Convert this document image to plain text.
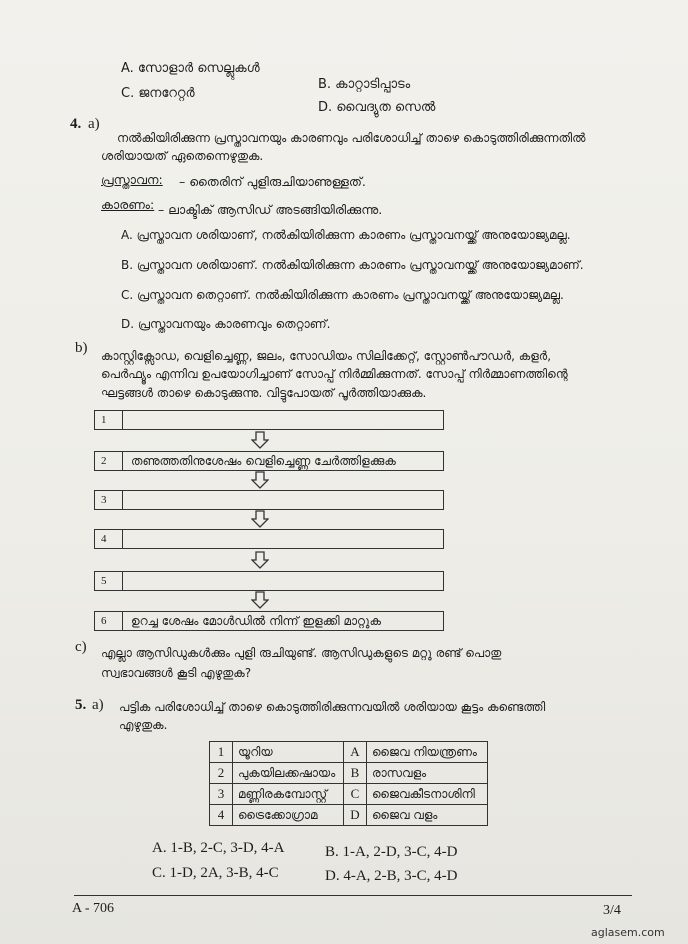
A. സോളാർ സെല്ലുകൾ
B. കാറ്റാടിപ്പാടം
C. ജനറേറ്റർ
D. വൈദ്യുത സെൽ
4. a)
നൽകിയിരിക്കുന്ന പ്രസ്താവനയും കാരണവും പരിശോധിച്ച് താഴെ കൊടുത്തിരിക്കുന്നതിൽ
ശരിയായത് ഏതെന്നെഴുതുക.
പ്രസ്താവന: – തൈരിന് പുളിരുചിയാണുള്ളത്.
കാരണം: – ലാക്ടിക് ആസിഡ് അടങ്ങിയിരിക്കുന്നു.
A. പ്രസ്താവന ശരിയാണ്, നൽകിയിരിക്കുന്ന കാരണം പ്രസ്താവനയ്ക്ക് അനുയോജ്യമല്ല.
B. പ്രസ്താവന ശരിയാണ്. നൽകിയിരിക്കുന്ന കാരണം പ്രസ്താവനയ്ക്ക് അനുയോജ്യമാണ്.
C. പ്രസ്താവന തെറ്റാണ്. നൽകിയിരിക്കുന്ന കാരണം പ്രസ്താവനയ്ക്ക് അനുയോജ്യമല്ല.
D. പ്രസ്താവനയും കാരണവും തെറ്റാണ്.
b) കാസ്റ്റിക്സോഡ, വെളിച്ചെണ്ണ, ജലം, സോഡിയം സിലിക്കേറ്റ്, സ്റ്റോൺപൗഡർ, കളർ,
പെർഫ്യൂം എന്നിവ ഉപയോഗിച്ചാണ് സോപ്പ് നിർമ്മിക്കുന്നത്. സോപ്പ് നിർമ്മാണത്തിന്റെ
ഘട്ടങ്ങൾ താഴെ കൊടുക്കുന്നു. വിട്ടുപോയത് പൂർത്തിയാക്കുക.
1
2	തണുത്തതിനുശേഷം വെളിച്ചെണ്ണ ചേർത്തിളക്കുക
3
4
5
6	ഉറച്ച ശേഷം മോൾഡിൽ നിന്ന് ഇളക്കി മാറ്റുക
c) എല്ലാ ആസിഡുകൾക്കും പുളി രുചിയുണ്ട്. ആസിഡുകളുടെ മറ്റു രണ്ട് പൊതു
സ്വഭാവങ്ങൾ കൂടി എഴുതുക?
5. a) പട്ടിക പരിശോധിച്ച് താഴെ കൊടുത്തിരിക്കുന്നവയിൽ ശരിയായ കൂട്ടം കണ്ടെത്തി
എഴുതുക.
1	യൂറിയ	A	ജൈവ നിയന്ത്രണം
2	പുകയിലക്കഷായം	B	രാസവളം
3	മണ്ണിരകമ്പോസ്റ്റ്	C	ജൈവകീടനാശിനി
4	ട്രൈക്കോഗ്രാമ	D	ജൈവ വളം
A. 1-B, 2-C, 3-D, 4-A	B. 1-A, 2-D, 3-C, 4-D
C. 1-D, 2A, 3-B, 4-C	D. 4-A, 2-B, 3-C, 4-D
A - 706	3/4
aglasem.com
